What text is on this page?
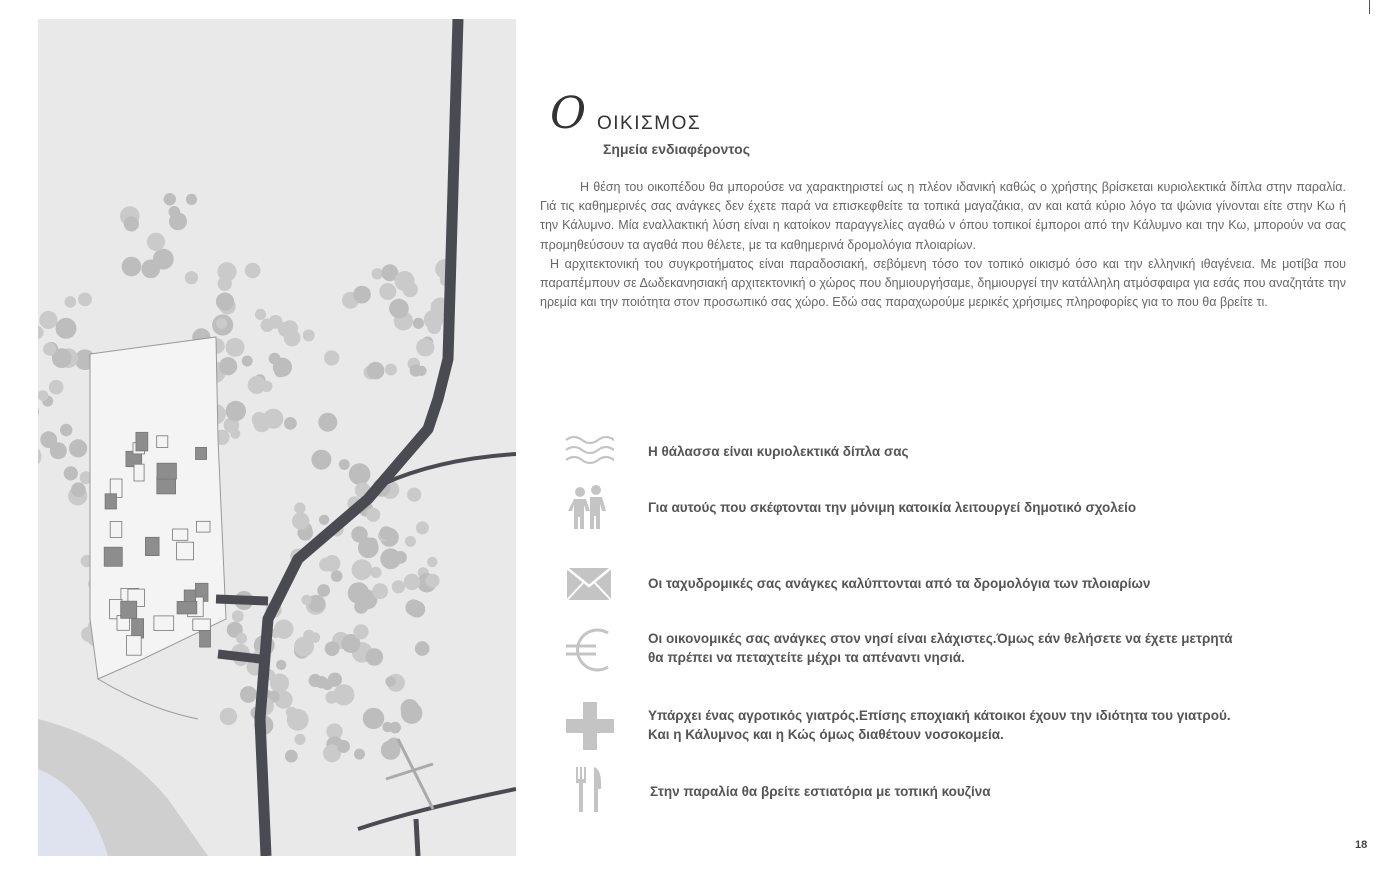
Ο ΟΙΚΙΣΜΟΣ
Σημεία ενδιαφέροντος

Η θέση του οικοπέδου θα μπορούσε να χαρακτηριστεί ως η πλέον ιδανική καθώς ο χρήστης βρίσκεται κυριολεκτικά δίπλα στην παραλία. Γιά τις καθημερινές σας ανάγκες δεν έχετε παρά να επισκεφθείτε τα τοπικά μαγαζάκια, αν και κατά κύριο λόγο τα ψώνια γίνονται είτε στην Κω ή την Κάλυμνο. Μία εναλλακτική λύση είναι η κατοίκον παραγγελίες αγαθώ ν όπου τοπικοί έμποροι από την Κάλυμνο και την Κω, μπορούν να σας προμηθεύσουν τα αγαθά που θέλετε, με τα καθημερινά δρομολόγια πλοιαρίων.

Η αρχιτεκτονική του συγκροτήματος είναι παραδοσιακή, σεβόμενη τόσο τον τοπικό οικισμό όσο και την ελληνική ιθαγένεια. Με μοτίβα που παραπέμπουν σε Δωδεκανησιακή αρχιτεκτονική ο χώρος που δημιουργήσαμε, δημιουργεί την κατάλληλη ατμόσφαιρα για εσάς που αναζητάτε την ηρεμία και την ποιότητα στον προσωπικό σας χώρο. Εδώ σας παραχωρούμε μερικές χρήσιμες πληροφορίες για το που θα βρείτε τι.

Η θάλασσα είναι κυριολεκτικά δίπλα σας
Για αυτούς που σκέφτονται την μόνιμη κατοικία λειτουργεί δημοτικό σχολείο
Οι ταχυδρομικές σας ανάγκες καλύπτονται από τα δρομολόγια των πλοιαρίων
Οι οικονομικές σας ανάγκες στον νησί είναι ελάχιστες.Όμως εάν θελήσετε να έχετε μετρητά
θα πρέπει να πεταχτείτε μέχρι τα απέναντι νησιά.
Υπάρχει ένας αγροτικός γιατρός.Επίσης εποχιακή κάτοικοι έχουν την ιδιότητα του γιατρού.
Και η Κάλυμνος και η Κώς όμως διαθέτουν νοσοκομεία.
Στην παραλία θα βρείτε εστιατόρια με τοπική κουζίνα
18
